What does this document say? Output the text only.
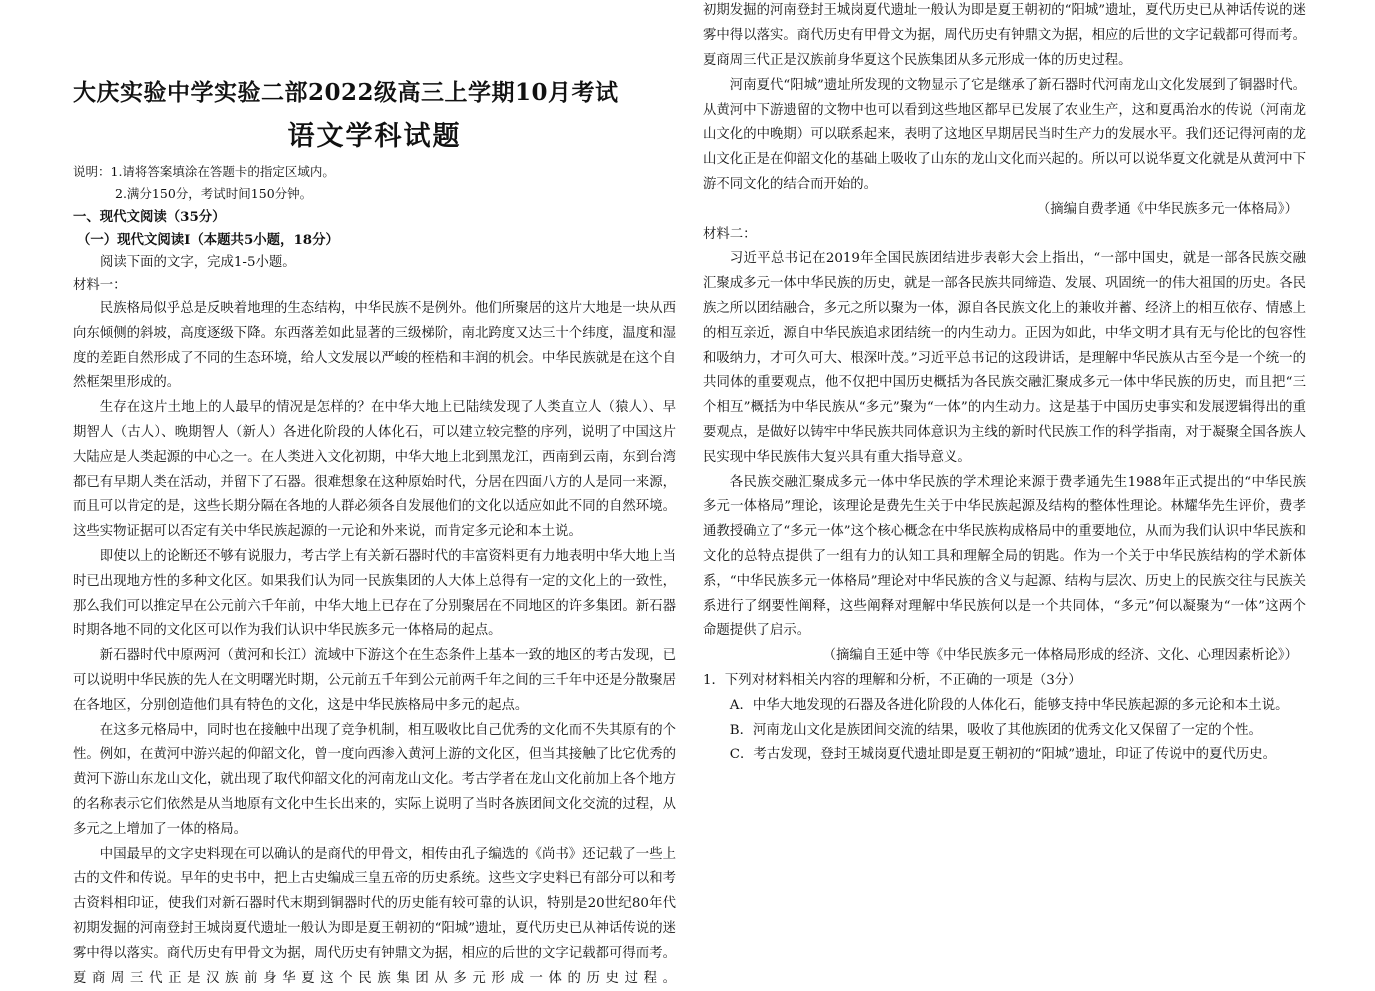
大庆实验中学实验二部2022级高三上学期10月考试
语文学科试题
说明：1.请将答案填涂在答题卡的指定区域内。
2.满分150分，考试时间150分钟。
一、现代文阅读（35分）
（一）现代文阅读Ⅰ（本题共5小题，18分）
阅读下面的文字，完成1-5小题。
材料一：

民族格局似乎总是反映着地理的生态结构，中华民族不是例外。他们所聚居的这片大地是一块从西向东倾侧的斜坡，高度逐级下降。东西落差如此显著的三级梯阶，南北跨度又达三十个纬度，温度和湿度的差距自然形成了不同的生态环境，给人文发展以严峻的桎梏和丰润的机会。中华民族就是在这个自然框架里形成的。

生存在这片土地上的人最早的情况是怎样的？在中华大地上已陆续发现了人类直立人（猿人）、早期智人（古人）、晚期智人（新人）各进化阶段的人体化石，可以建立较完整的序列，说明了中国这片大陆应是人类起源的中心之一。在人类进入文化初期，中华大地上北到黑龙江，西南到云南，东到台湾都已有早期人类在活动，并留下了石器。很难想象在这种原始时代，分居在四面八方的人是同一来源，而且可以肯定的是，这些长期分隔在各地的人群必须各自发展他们的文化以适应如此不同的自然环境。这些实物证据可以否定有关中华民族起源的一元论和外来说，而肯定多元论和本土说。

即使以上的论断还不够有说服力，考古学上有关新石器时代的丰富资料更有力地表明中华大地上当时已出现地方性的多种文化区。如果我们认为同一民族集团的人大体上总得有一定的文化上的一致性，那么我们可以推定早在公元前六千年前，中华大地上已存在了分别聚居在不同地区的许多集团。新石器时期各地不同的文化区可以作为我们认识中华民族多元一体格局的起点。

新石器时代中原两河（黄河和长江）流域中下游这个在生态条件上基本一致的地区的考古发现，已可以说明中华民族的先人在文明曙光时期，公元前五千年到公元前两千年之间的三千年中还是分散聚居在各地区，分别创造他们具有特色的文化，这是中华民族格局中多元的起点。

在这多元格局中，同时也在接触中出现了竞争机制，相互吸收比自己优秀的文化而不失其原有的个性。例如，在黄河中游兴起的仰韶文化，曾一度向西渗入黄河上游的文化区，但当其接触了比它优秀的黄河下游山东龙山文化，就出现了取代仰韶文化的河南龙山文化。考古学者在龙山文化前加上各个地方的名称表示它们依然是从当地原有文化中生长出来的，实际上说明了当时各族团间文化交流的过程，从多元之上增加了一体的格局。

中国最早的文字史料现在可以确认的是商代的甲骨文，相传由孔子编选的《尚书》还记载了一些上古的文件和传说。早年的史书中，把上古史编成三皇五帝的历史系统。这些文字史料已有部分可以和考古资料相印证，使我们对新石器时代末期到铜器时代的历史能有较可靠的认识，特别是20世纪80年代初期发掘的河南登封王城岗夏代遗址一般认为即是夏王朝初的“阳城”遗址，夏代历史已从神话传说的迷雾中得以落实。商代历史有甲骨文为据，周代历史有钟鼎文为据，相应的后世的文字记载都可得而考。夏商周三代正是汉族前身华夏这个民族集团从多元形成一体的历史过程。

初期发掘的河南登封王城岗夏代遗址一般认为即是夏王朝初的“阳城”遗址，夏代历史已从神话传说的迷雾中得以落实。商代历史有甲骨文为据，周代历史有钟鼎文为据，相应的后世的文字记载都可得而考。夏商周三代正是汉族前身华夏这个民族集团从多元形成一体的历史过程。

河南夏代“阳城”遗址所发现的文物显示了它是继承了新石器时代河南龙山文化发展到了铜器时代。从黄河中下游遗留的文物中也可以看到这些地区都早已发展了农业生产，这和夏禹治水的传说（河南龙山文化的中晚期）可以联系起来，表明了这地区早期居民当时生产力的发展水平。我们还记得河南的龙山文化正是在仰韶文化的基础上吸收了山东的龙山文化而兴起的。所以可以说华夏文化就是从黄河中下游不同文化的结合而开始的。

（摘编自费孝通《中华民族多元一体格局》）

材料二：

习近平总书记在2019年全国民族团结进步表彰大会上指出，“一部中国史，就是一部各民族交融汇聚成多元一体中华民族的历史，就是一部各民族共同缔造、发展、巩固统一的伟大祖国的历史。各民族之所以团结融合，多元之所以聚为一体，源自各民族文化上的兼收并蓄、经济上的相互依存、情感上的相互亲近，源自中华民族追求团结统一的内生动力。正因为如此，中华文明才具有无与伦比的包容性和吸纳力，才可久可大、根深叶茂。”习近平总书记的这段讲话，是理解中华民族从古至今是一个统一的共同体的重要观点，他不仅把中国历史概括为各民族交融汇聚成多元一体中华民族的历史，而且把“三个相互”概括为中华民族从“多元”聚为“一体”的内生动力。这是基于中国历史事实和发展逻辑得出的重要观点，是做好以铸牢中华民族共同体意识为主线的新时代民族工作的科学指南，对于凝聚全国各族人民实现中华民族伟大复兴具有重大指导意义。

各民族交融汇聚成多元一体中华民族的学术理论来源于费孝通先生1988年正式提出的“中华民族多元一体格局”理论，该理论是费先生关于中华民族起源及结构的整体性理论。林耀华先生评价，费孝通教授确立了“多元一体”这个核心概念在中华民族构成格局中的重要地位，从而为我们认识中华民族和文化的总特点提供了一组有力的认知工具和理解全局的钥匙。作为一个关于中华民族结构的学术新体系，“中华民族多元一体格局”理论对中华民族的含义与起源、结构与层次、历史上的民族交往与民族关系进行了纲要性阐释，这些阐释对理解中华民族何以是一个共同体，“多元”何以凝聚为“一体”这两个命题提供了启示。

（摘编自王延中等《中华民族多元一体格局形成的经济、文化、心理因素析论》）

1．下列对材料相关内容的理解和分析，不正确的一项是（3分）

A．中华大地发现的石器及各进化阶段的人体化石，能够支持中华民族起源的多元论和本土说。

B．河南龙山文化是族团间交流的结果，吸收了其他族团的优秀文化又保留了一定的个性。

C．考古发现，登封王城岗夏代遗址即是夏王朝初的“阳城”遗址，印证了传说中的夏代历史。
